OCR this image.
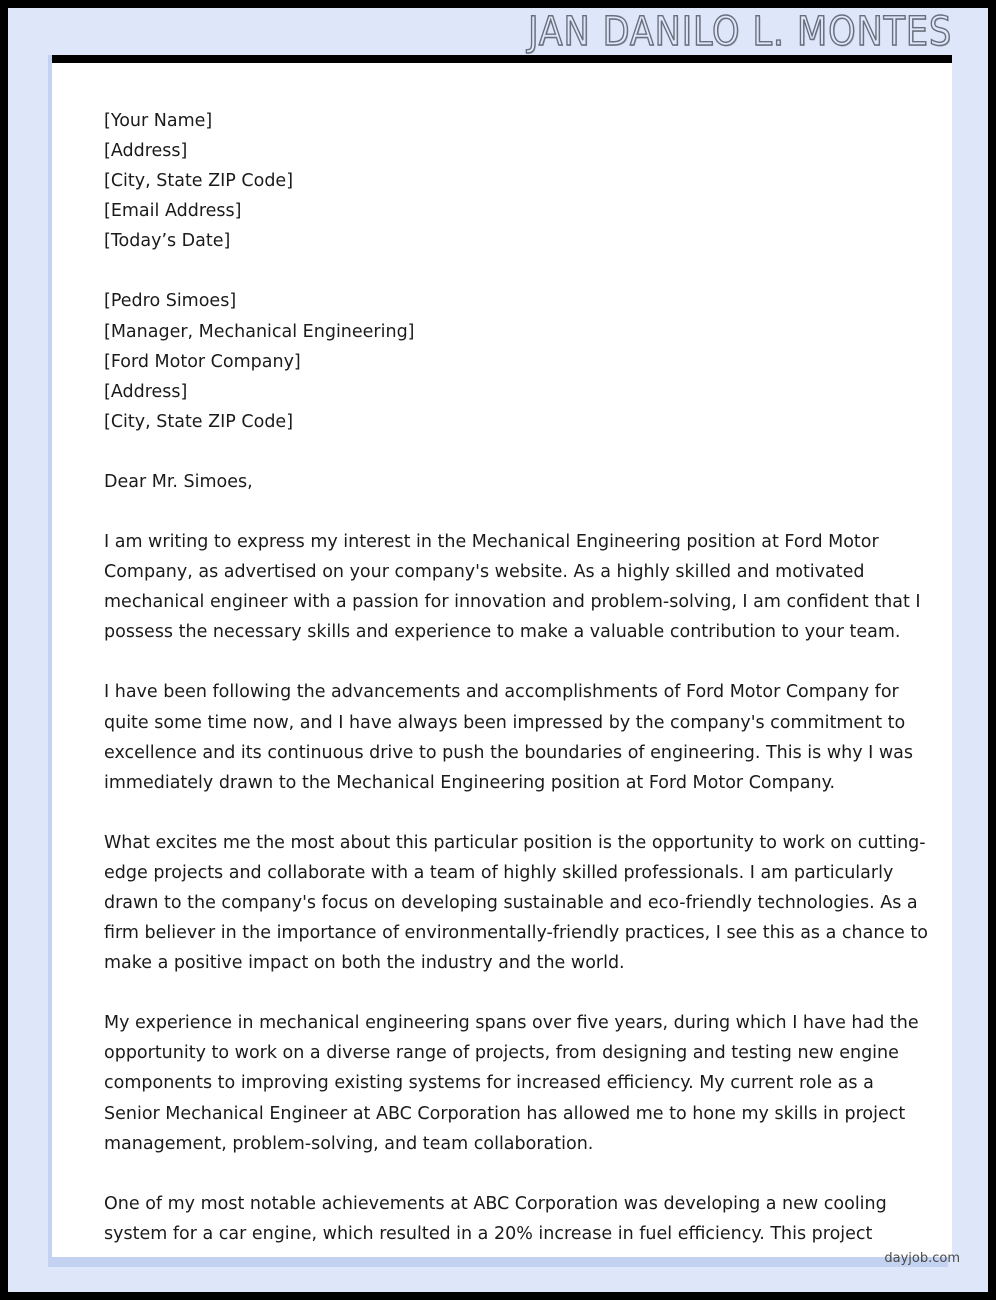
JAN DANILO L. MONTES
[Your Name]
[Address]
[City, State ZIP Code]
[Email Address]
[Today’s Date]
[Pedro Simoes]
[Manager, Mechanical Engineering]
[Ford Motor Company]
[Address]
[City, State ZIP Code]
Dear Mr. Simoes,

I am writing to express my interest in the Mechanical Engineering position at Ford Motor Company, as advertised on your company's website. As a highly skilled and motivated mechanical engineer with a passion for innovation and problem-solving, I am confident that I possess the necessary skills and experience to make a valuable contribution to your team.

I have been following the advancements and accomplishments of Ford Motor Company for quite some time now, and I have always been impressed by the company's commitment to excellence and its continuous drive to push the boundaries of engineering. This is why I was immediately drawn to the Mechanical Engineering position at Ford Motor Company.

What excites me the most about this particular position is the opportunity to work on cutting-edge projects and collaborate with a team of highly skilled professionals. I am particularly drawn to the company's focus on developing sustainable and eco-friendly technologies. As a firm believer in the importance of environmentally-friendly practices, I see this as a chance to make a positive impact on both the industry and the world.

My experience in mechanical engineering spans over five years, during which I have had the opportunity to work on a diverse range of projects, from designing and testing new engine components to improving existing systems for increased efficiency. My current role as a Senior Mechanical Engineer at ABC Corporation has allowed me to hone my skills in project management, problem-solving, and team collaboration.

One of my most notable achievements at ABC Corporation was developing a new cooling system for a car engine, which resulted in a 20% increase in fuel efficiency. This project

dayjob.com
